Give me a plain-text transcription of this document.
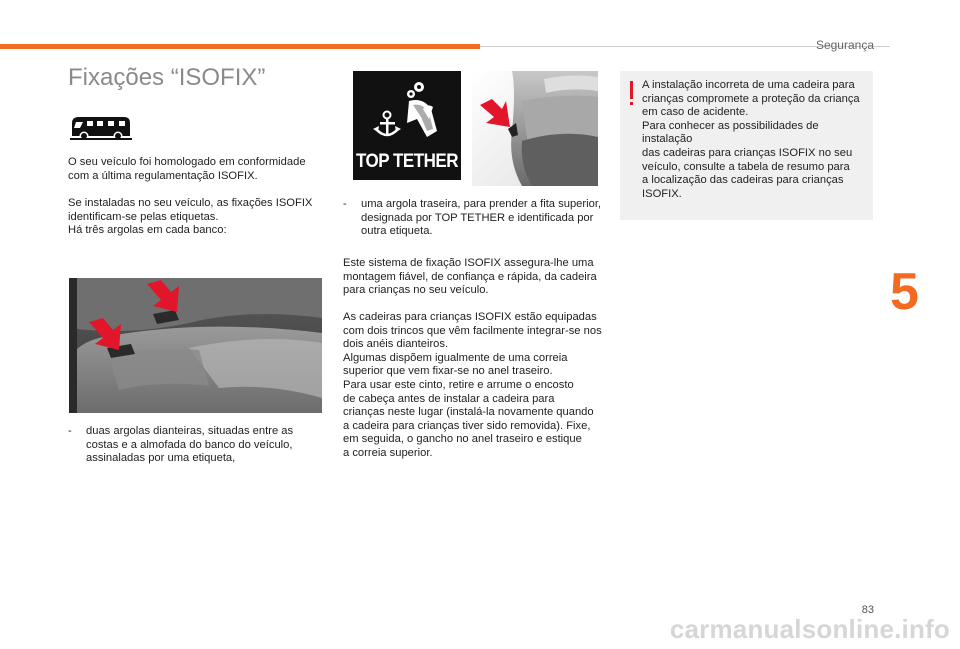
Segurança
Fixações “ISOFIX”

O seu veículo foi homologado em conformidade
com a última regulamentação ISOFIX.

Se instaladas no seu veículo, as fixações ISOFIX
identificam-se pelas etiquetas.
Há três argolas em cada banco:

- duas argolas dianteiras, situadas entre as
costas e a almofada do banco do veículo,
assinaladas por uma etiqueta,
TOP TETHER
- uma argola traseira, para prender a fita superior,
designada por TOP TETHER e identificada por
outra etiqueta.

Este sistema de fixação ISOFIX assegura-lhe uma
montagem fiável, de confiança e rápida, da cadeira
para crianças no seu veículo.

As cadeiras para crianças ISOFIX estão equipadas
com dois trincos que vêm facilmente integrar-se nos
dois anéis dianteiros.
Algumas dispõem igualmente de uma correia
superior que vem fixar-se no anel traseiro.
Para usar este cinto, retire e arrume o encosto
de cabeça antes de instalar a cadeira para
crianças neste lugar (instalá-la novamente quando
a cadeira para crianças tiver sido removida). Fixe,
em seguida, o gancho no anel traseiro e estique
a correia superior.

A instalação incorreta de uma cadeira para
crianças compromete a proteção da criança
em caso de acidente.
Para conhecer as possibilidades de instalação
das cadeiras para crianças ISOFIX no seu
veículo, consulte a tabela de resumo para
a localização das cadeiras para crianças
ISOFIX.
5
83
carmanualsonline.info
